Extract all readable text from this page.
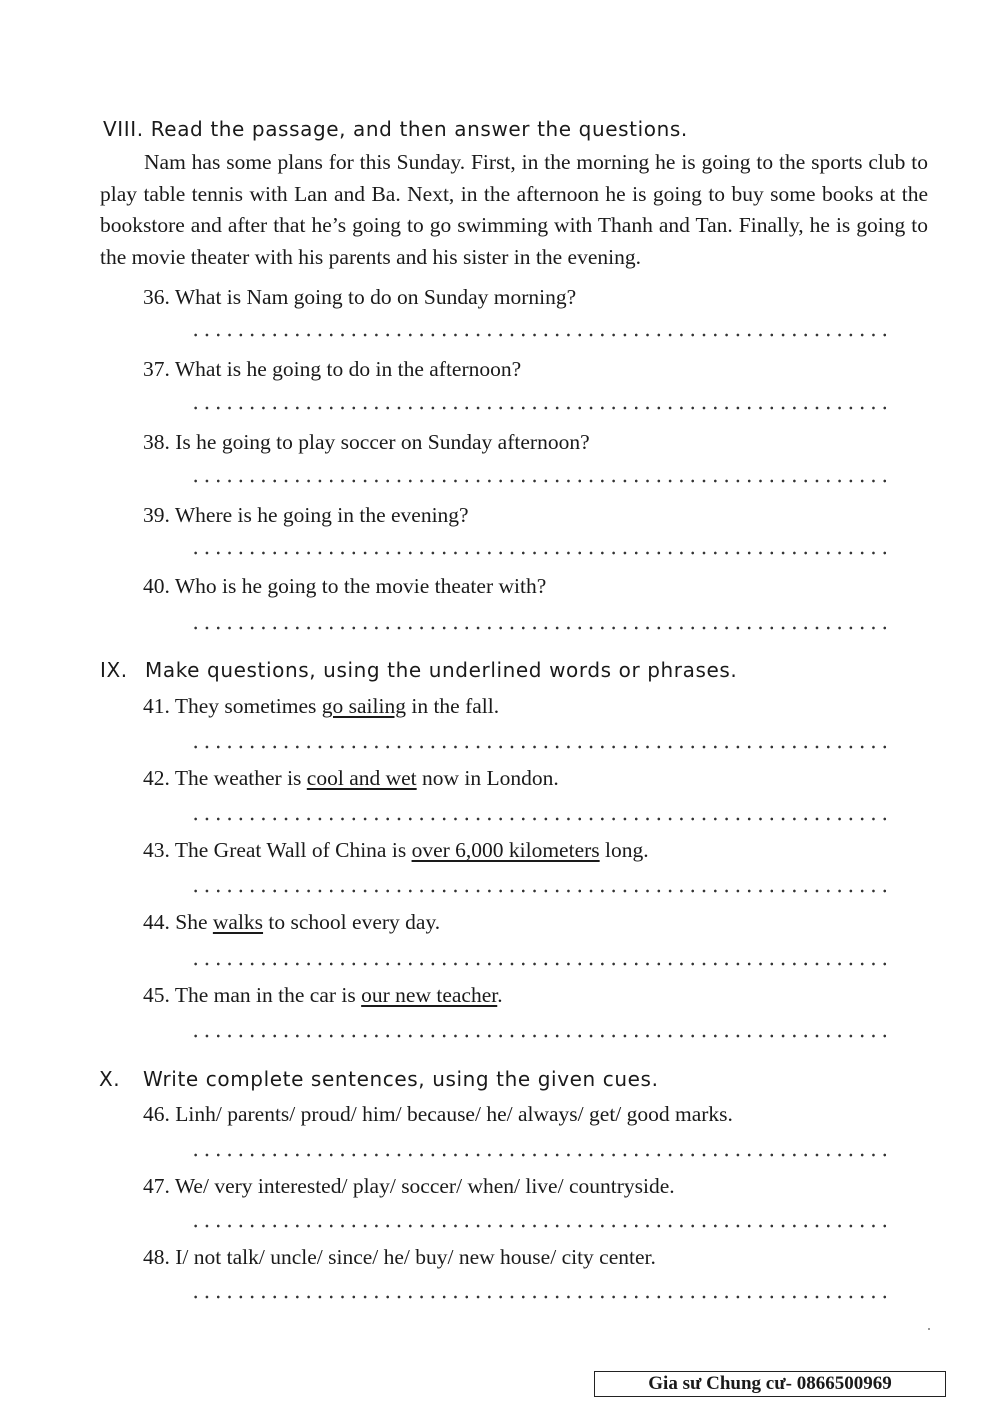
VIII. Read the passage, and then answer the questions.
Nam has some plans for this Sunday. First, in the morning he is going to the sports club to play table tennis with Lan and Ba. Next, in the afternoon he is going to buy some books at the bookstore and after that he’s going to go swimming with Thanh and Tan. Finally, he is going to the movie theater with his parents and his sister in the evening.
36. What is Nam going to do on Sunday morning?
37. What is he going to do in the afternoon?
38. Is he going to play soccer on Sunday afternoon?
39. Where is he going in the evening?
40. Who is he going to the movie theater with?
IX. Make questions, using the underlined words or phrases.
41. They sometimes go sailing in the fall.
42. The weather is cool and wet now in London.
43. The Great Wall of China is over 6,000 kilometers long.
44. She walks to school every day.
45. The man in the car is our new teacher.
X. Write complete sentences, using the given cues.
46. Linh/ parents/ proud/ him/ because/ he/ always/ get/ good marks.
47. We/ very interested/ play/ soccer/ when/ live/ countryside.
48. I/ not talk/ uncle/ since/ he/ buy/ new house/ city center.
Gia sư Chung cư- 0866500969
